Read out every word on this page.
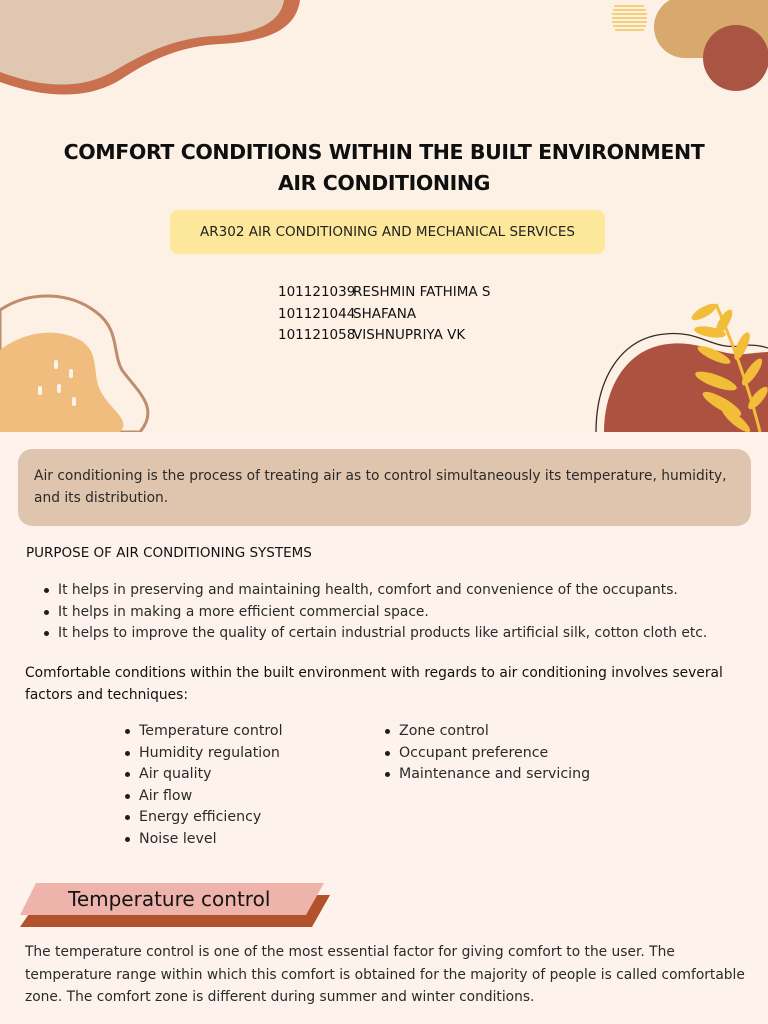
COMFORT CONDITIONS WITHIN THE BUILT ENVIRONMENT
AIR CONDITIONING
AR302 AIR CONDITIONING AND MECHANICAL SERVICES
101121039RESHMIN FATHIMA S
101121044SHAFANA
101121058VISHNUPRIYA VK
Air conditioning is the process of treating air as to control simultaneously its temperature, humidity, and its distribution.
PURPOSE OF AIR CONDITIONING SYSTEMS
It helps in preserving and maintaining health, comfort and convenience of the occupants.
It helps in making a more efficient commercial space.
It helps to improve the quality of certain industrial products like artificial silk, cotton cloth etc.
Comfortable conditions within the built environment with regards to air conditioning involves several factors and techniques:
Temperature control
Humidity regulation
Air quality
Air flow
Energy efficiency
Noise level
Zone control
Occupant preference
Maintenance and servicing
Temperature control
The temperature control is one of the most essential factor for giving comfort to the user. The temperature range within which this comfort is obtained for the majority of people is called comfortable zone. The comfort zone is different during summer and winter conditions.
